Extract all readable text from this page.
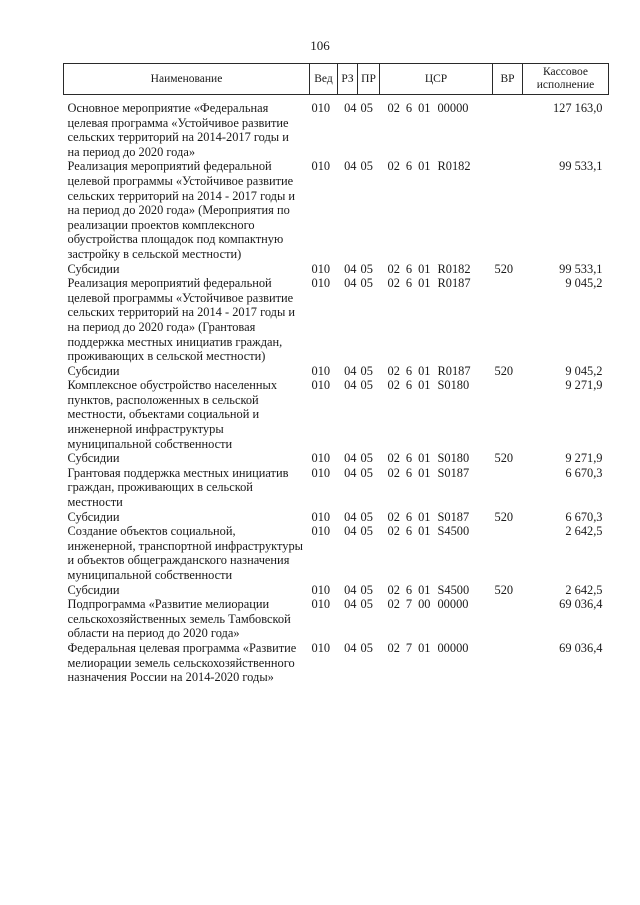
106
Наименование	Вед	РЗ	ПР	ЦСР	ВР	Кассовое исполнение
Основное мероприятие «Федеральная целевая программа «Устойчивое развитие сельских территорий на 2014-2017 годы и на период до 2020 года»	010	04	05	02 6 01 00000		127 163,0
Реализация мероприятий федеральной целевой программы «Устойчивое развитие сельских территорий на 2014 - 2017 годы и на период до 2020 года» (Мероприятия по реализации проектов комплексного обустройства площадок под компактную застройку в сельской местности)	010	04	05	02 6 01 R0182		99 533,1
Субсидии	010	04	05	02 6 01 R0182	520	99 533,1
Реализация мероприятий федеральной целевой программы «Устойчивое развитие сельских территорий на 2014 - 2017 годы и на период до 2020 года» (Грантовая поддержка местных инициатив граждан, проживающих в сельской местности)	010	04	05	02 6 01 R0187		9 045,2
Субсидии	010	04	05	02 6 01 R0187	520	9 045,2
Комплексное обустройство населенных пунктов, расположенных в сельской местности, объектами социальной и инженерной инфраструктуры муниципальной собственности	010	04	05	02 6 01 S0180		9 271,9
Субсидии	010	04	05	02 6 01 S0180	520	9 271,9
Грантовая поддержка местных инициатив граждан, проживающих в сельской местности	010	04	05	02 6 01 S0187		6 670,3
Субсидии	010	04	05	02 6 01 S0187	520	6 670,3
Создание объектов социальной, инженерной, транспортной инфраструктуры и объектов общегражданского назначения муниципальной собственности	010	04	05	02 6 01 S4500		2 642,5
Субсидии	010	04	05	02 6 01 S4500	520	2 642,5
Подпрограмма «Развитие мелиорации сельскохозяйственных земель Тамбовской области на период до 2020 года»	010	04	05	02 7 00 00000		69 036,4
Федеральная целевая программа «Развитие мелиорации земель сельскохозяйственного назначения России на 2014-2020 годы»	010	04	05	02 7 01 00000		69 036,4
